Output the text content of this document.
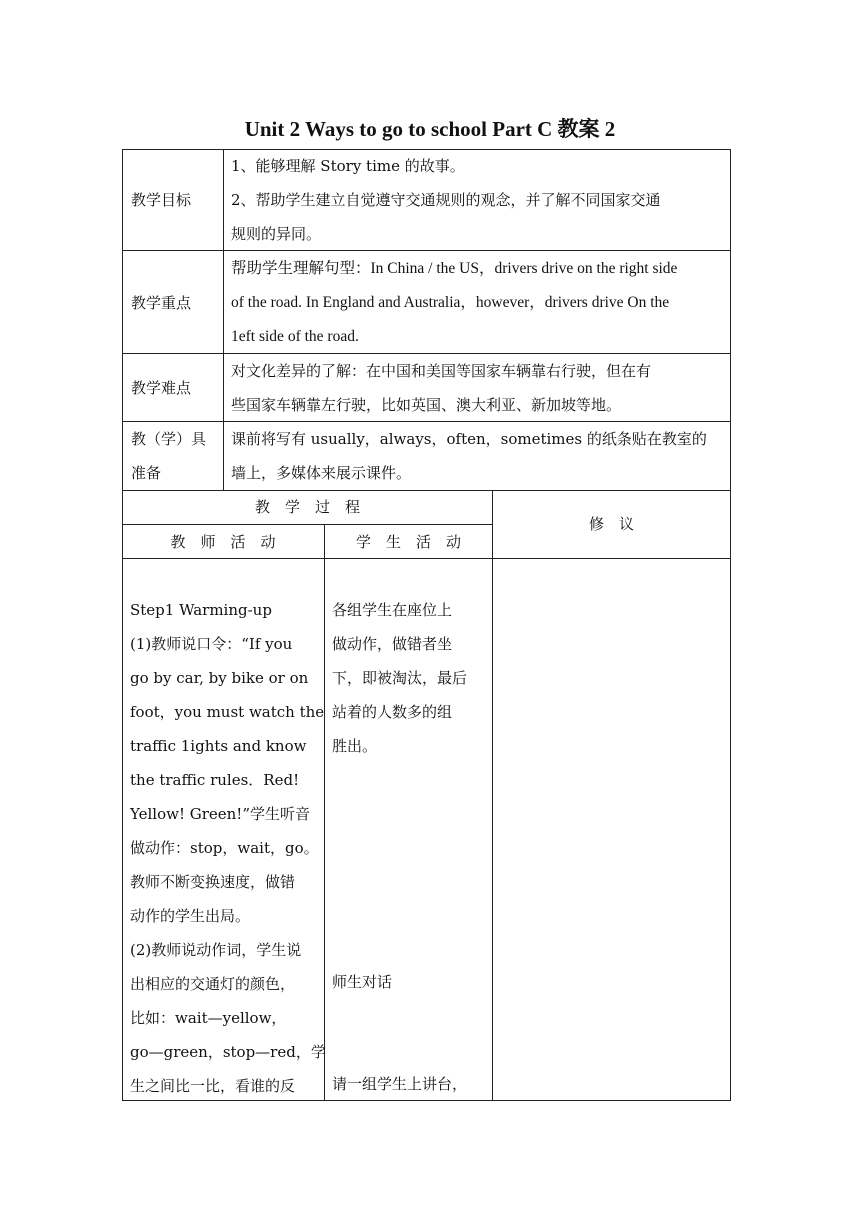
Unit 2 Ways to go to school Part C 教案 2
教学目标
1、能够理解 Story time 的故事。
2、帮助学生建立自觉遵守交通规则的观念，并了解不同国家交通
规则的异同。
教学重点
帮助学生理解句型：In China / the US，drivers drive on the right side
of the road. In England and Australia，however，drivers drive On the
1eft side of the road.
教学难点
对文化差异的了解：在中国和美国等国家车辆靠右行驶，但在有
些国家车辆靠左行驶，比如英国、澳大利亚、新加坡等地。
教（学）具
准备
课前将写有 usually，always，often，sometimes 的纸条贴在教室的
墙上，多媒体来展示课件。
教　学　过　程
修　议
教　师　活　动	学　生　活　动
Step1 Warming-up
(1)教师说口令：“If you
go by car, by bike or on
foot，you must watch the
traffic 1ights and know
the traffic rules．Red!
Yellow! Green!”学生听音
做动作：stop，wait，go。
教师不断变换速度，做错
动作的学生出局。
(2)教师说动作词，学生说
出相应的交通灯的颜色，
比如：wait—yellow，
go—green，stop—red，学
生之间比一比，看谁的反
各组学生在座位上
做动作，做错者坐
下，即被淘汰，最后
站着的人数多的组
胜出。
师生对话
请一组学生上讲台，
